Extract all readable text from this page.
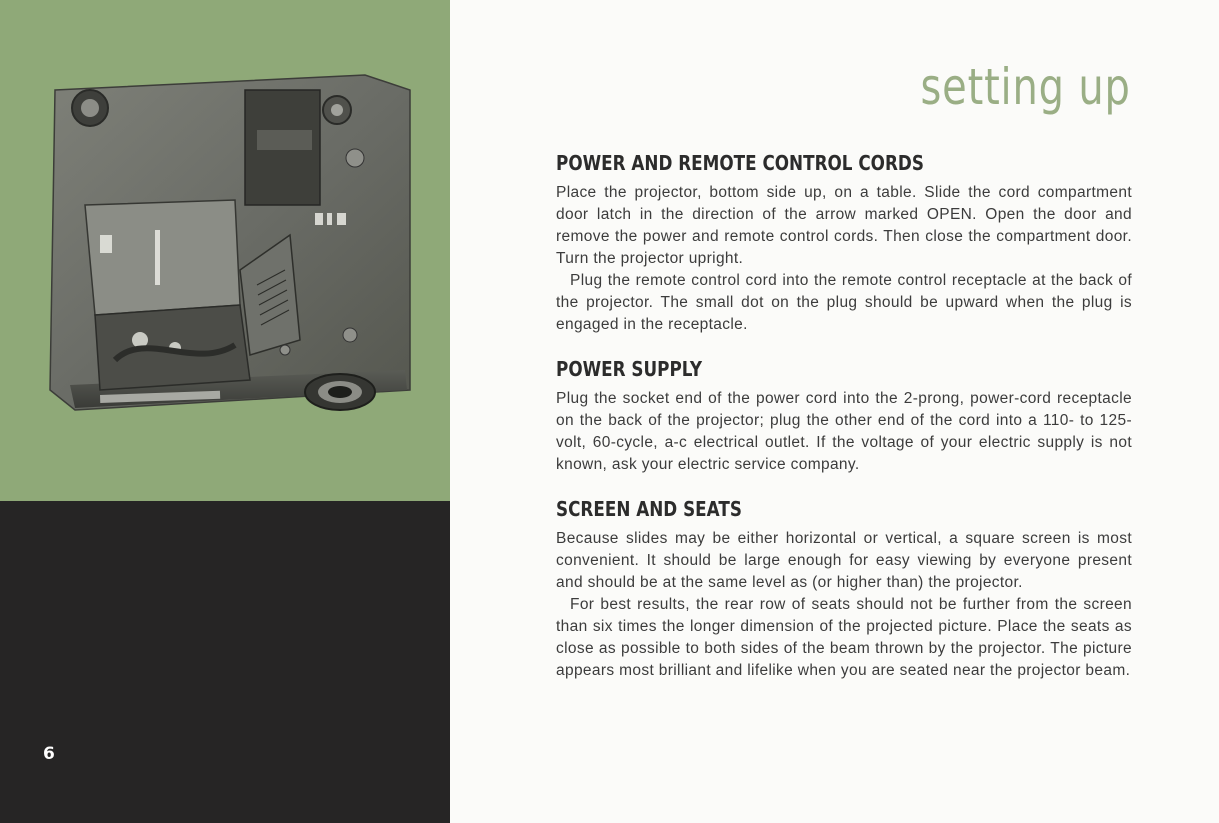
6
setting up
POWER AND REMOTE CONTROL CORDS

Place the projector, bottom side up, on a table. Slide the cord compartment door latch in the direction of the arrow marked OPEN. Open the door and remove the power and remote control cords. Then close the compartment door. Turn the projector upright.

Plug the remote control cord into the remote control receptacle at the back of the projector. The small dot on the plug should be upward when the plug is engaged in the receptacle.

POWER SUPPLY

Plug the socket end of the power cord into the 2-prong, power-cord receptacle on the back of the projector; plug the other end of the cord into a 110- to 125-volt, 60-cycle, a-c electrical outlet. If the voltage of your electric supply is not known, ask your electric service company.

SCREEN AND SEATS

Because slides may be either horizontal or vertical, a square screen is most convenient. It should be large enough for easy viewing by everyone present and should be at the same level as (or higher than) the projector.

For best results, the rear row of seats should not be further from the screen than six times the longer dimension of the projected picture. Place the seats as close as possible to both sides of the beam thrown by the projector. The picture appears most brilliant and lifelike when you are seated near the projector beam.
